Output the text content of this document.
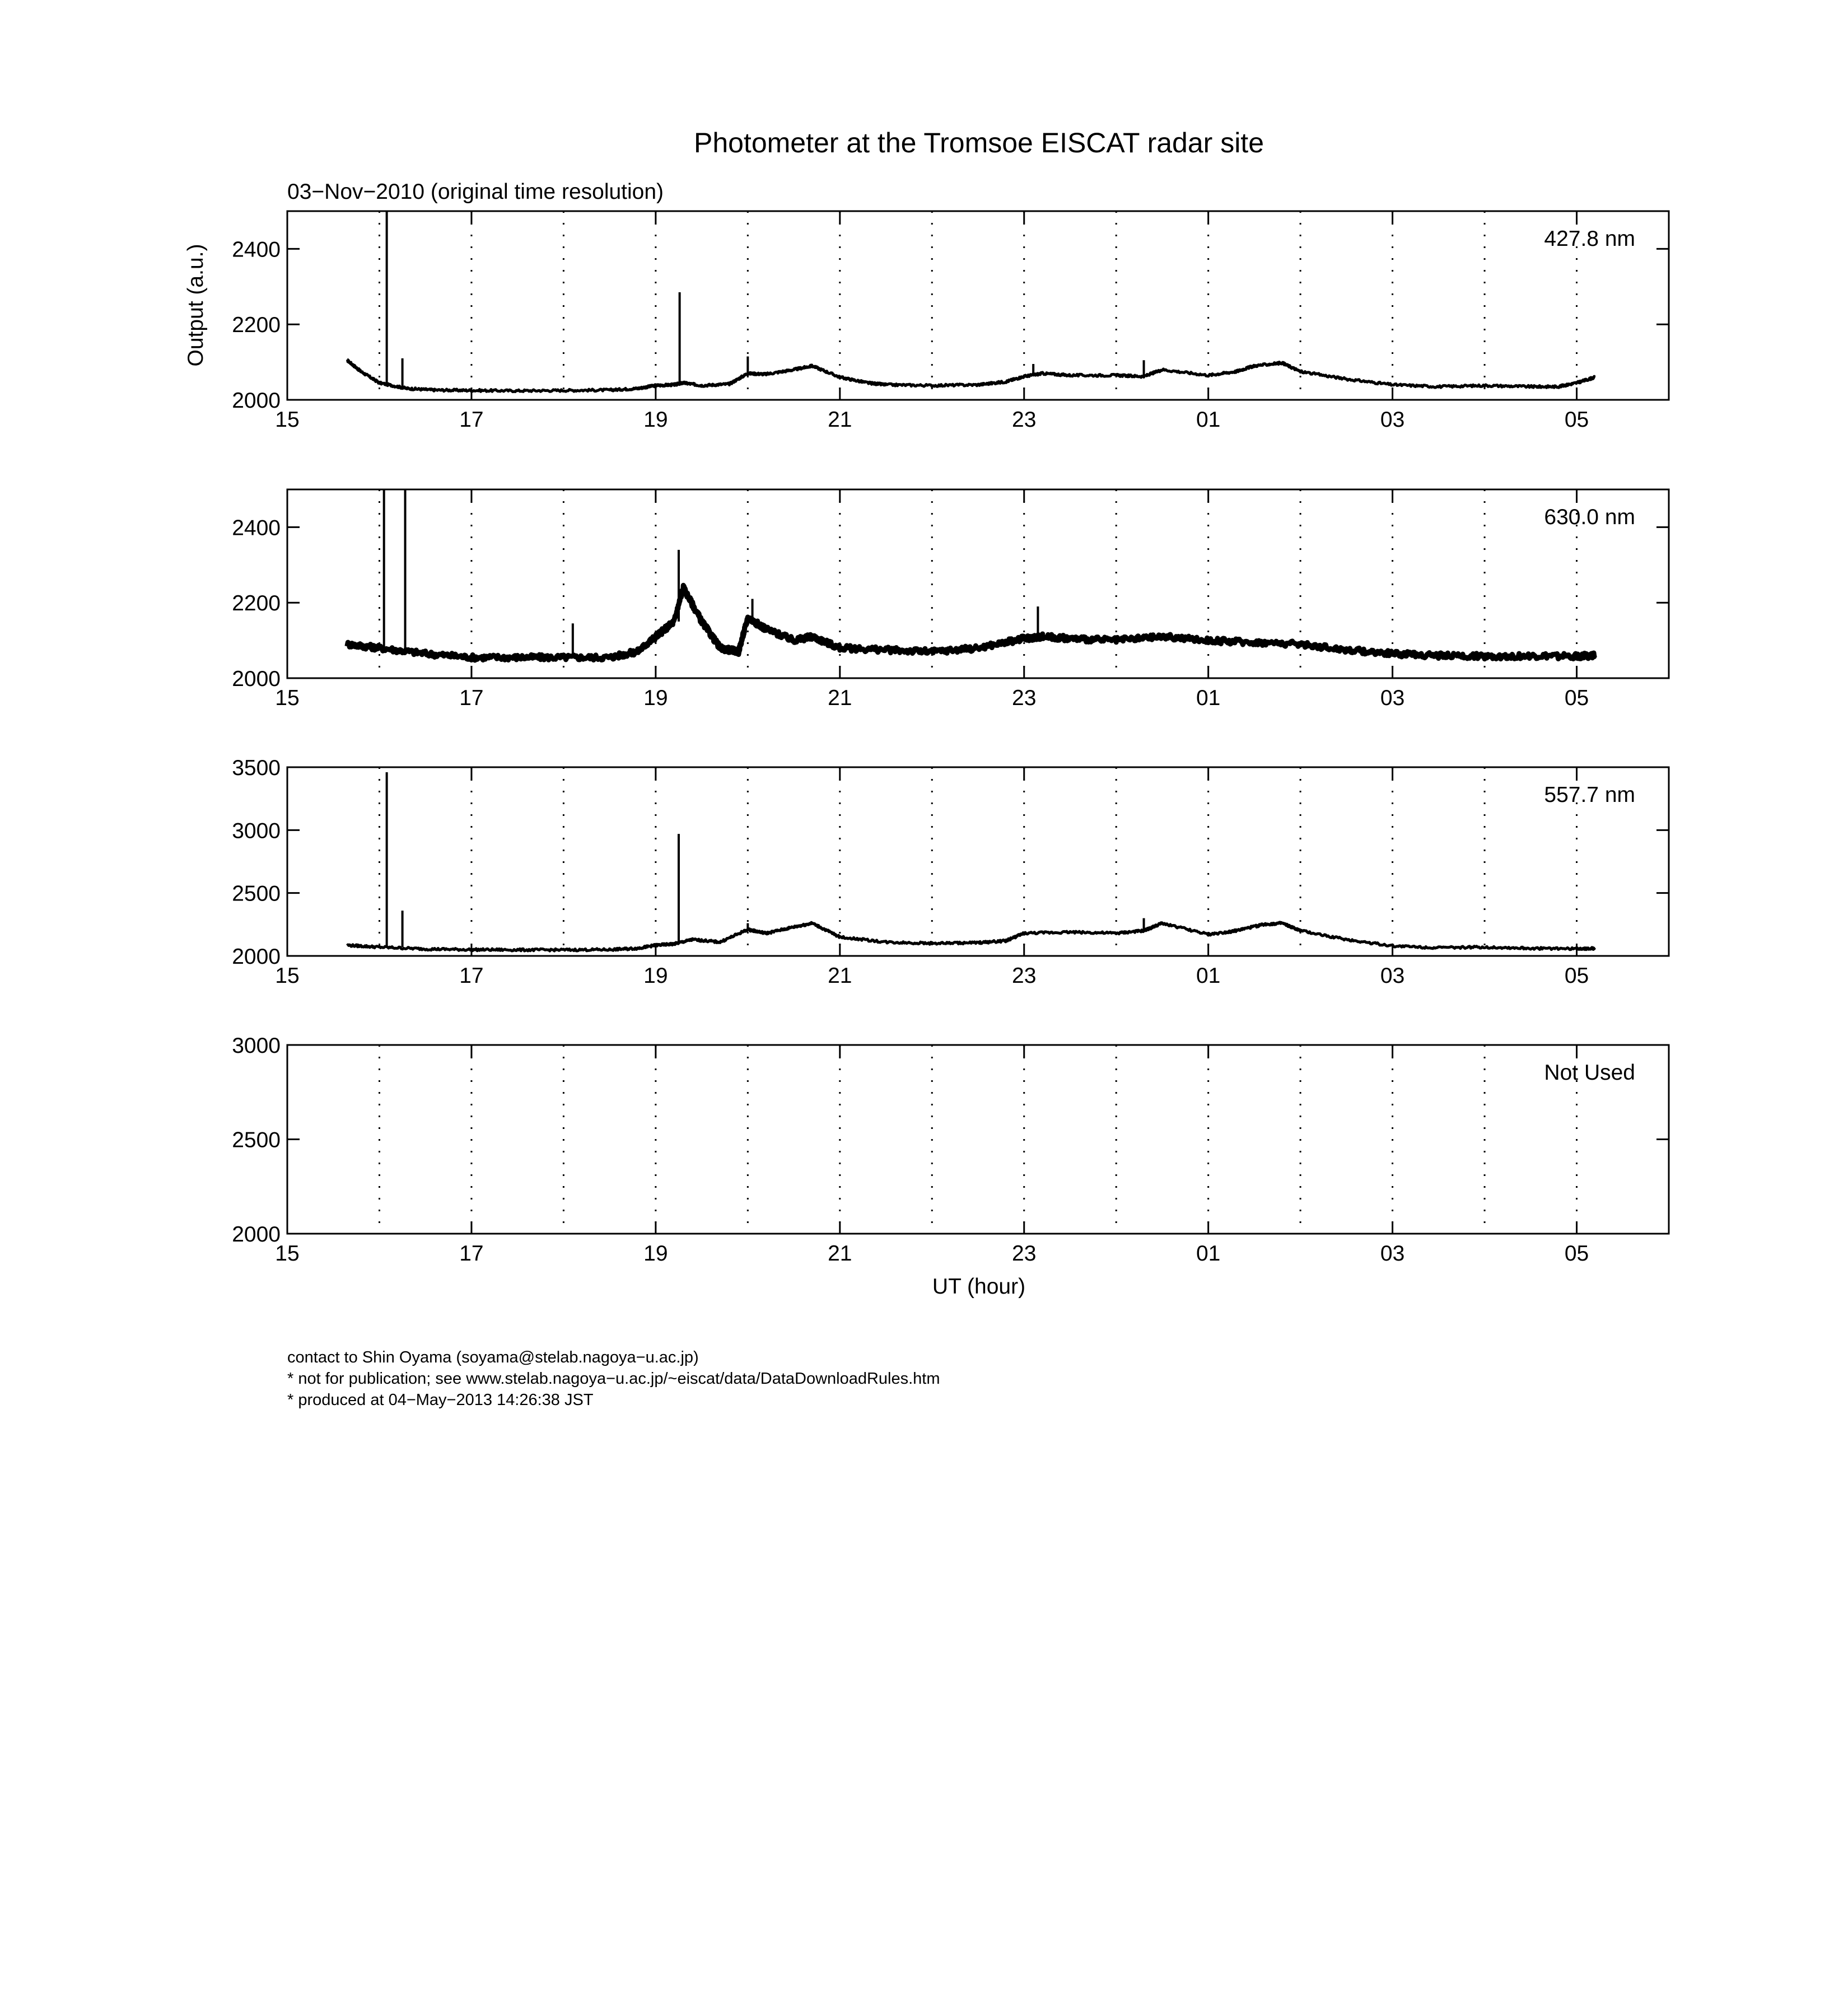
Photometer at the Tromsoe EISCAT radar site
03−Nov−2010 (original time resolution)
Output (a.u.)
UT (hour)
15	17	19	21	23	01	03	05
2000
2200
2400	427.8 nm
15	17	19	21	23	01	03	05
2000
2200
2400	630.0 nm
15	17	19	21	23	01	03	05
2000
2500
3000
3500
557.7 nm
15	17	19	21	23	01	03	05
2000
2500
3000
Not Used
contact to Shin Oyama (soyama@stelab.nagoya−u.ac.jp)
* not for publication; see www.stelab.nagoya−u.ac.jp/~eiscat/data/DataDownloadRules.htm
* produced at 04−May−2013 14:26:38 JST
